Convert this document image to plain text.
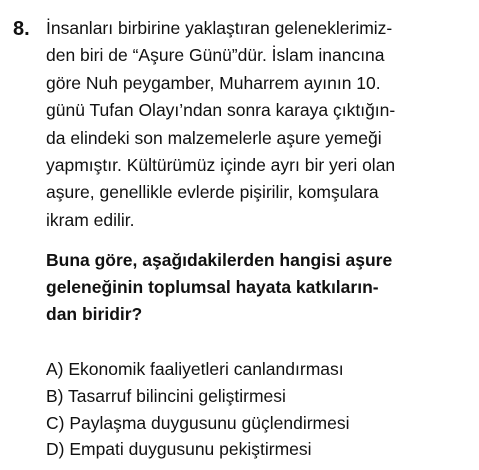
8. İnsanları birbirine yaklaştıran geleneklerimiz-
den biri de “Aşure Günü”dür. İslam inancına
göre Nuh peygamber, Muharrem ayının 10.
günü Tufan Olayı’ndan sonra karaya çıktığın-
da elindeki son malzemelerle aşure yemeği
yapmıştır. Kültürümüz içinde ayrı bir yeri olan
aşure, genellikle evlerde pişirilir, komşulara
ikram edilir.
Buna göre, aşağıdakilerden hangisi aşure
geleneğinin toplumsal hayata katkıların-
dan biridir?
A) Ekonomik faaliyetleri canlandırması
B) Tasarruf bilincini geliştirmesi
C) Paylaşma duygusunu güçlendirmesi
D) Empati duygusunu pekiştirmesi
